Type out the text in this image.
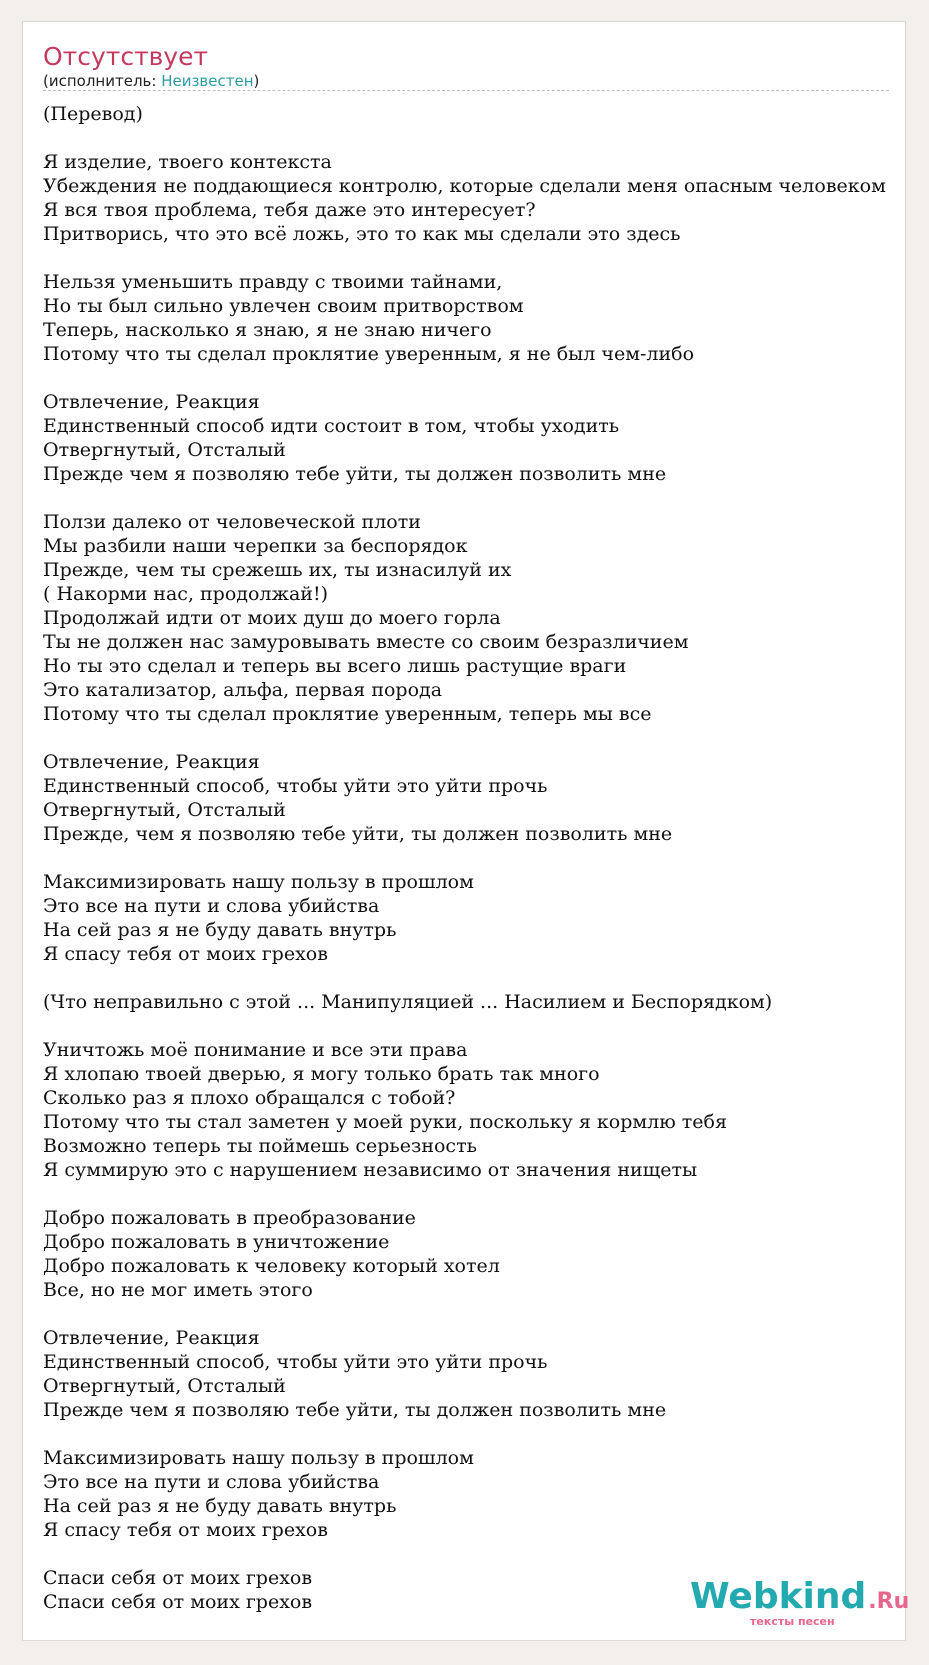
Отсутствует
(исполнитель: Неизвестен)
(Перевод)
Я изделие, твоего контекста
Убеждения не поддающиеся контролю, которые сделали меня опасным человеком
Я вся твоя проблема, тебя даже это интересует?
Притворись, что это всё ложь, это то как мы сделали это здесь
Нельзя уменьшить правду с твоими тайнами,
Но ты был сильно увлечен своим притворством
Теперь, насколько я знаю, я не знаю ничего
Потому что ты сделал проклятие уверенным, я не был чем-либо
Отвлечение, Реакция
Единственный способ идти состоит в том, чтобы уходить
Отвергнутый, Отсталый
Прежде чем я позволяю тебе уйти, ты должен позволить мне
Ползи далеко от человеческой плоти
Мы разбили наши черепки за беспорядок
Прежде, чем ты срежешь их, ты изнасилуй их
( Накорми нас, продолжай!)
Продолжай идти от моих душ до моего горла
Ты не должен нас замуровывать вместе со своим безразличием
Но ты это сделал и теперь вы всего лишь растущие враги
Это катализатор, альфа, первая порода
Потому что ты сделал проклятие уверенным, теперь мы все
Отвлечение, Реакция
Единственный способ, чтобы уйти это уйти прочь
Отвергнутый, Отсталый
Прежде, чем я позволяю тебе уйти, ты должен позволить мне
Максимизировать нашу пользу в прошлом
Это все на пути и слова убийства
На сей раз я не буду давать внутрь
Я спасу тебя от моих грехов
(Что неправильно с этой ... Манипуляцией ... Насилием и Беспорядком)
Уничтожь моё понимание и все эти права
Я хлопаю твоей дверью, я могу только брать так много
Сколько раз я плохо обращался с тобой?
Потому что ты стал заметен у моей руки, поскольку я кормлю тебя
Возможно теперь ты поймешь серьезность
Я суммирую это с нарушением независимо от значения нищеты
Добро пожаловать в преобразование
Добро пожаловать в уничтожение
Добро пожаловать к человеку который хотел
Все, но не мог иметь этого
Отвлечение, Реакция
Единственный способ, чтобы уйти это уйти прочь
Отвергнутый, Отсталый
Прежде чем я позволяю тебе уйти, ты должен позволить мне
Максимизировать нашу пользу в прошлом
Это все на пути и слова убийства
На сей раз я не буду давать внутрь
Я спасу тебя от моих грехов
Спаси себя от моих грехов
Спаси себя от моих грехов	Webkind.Ru
тексты песен
